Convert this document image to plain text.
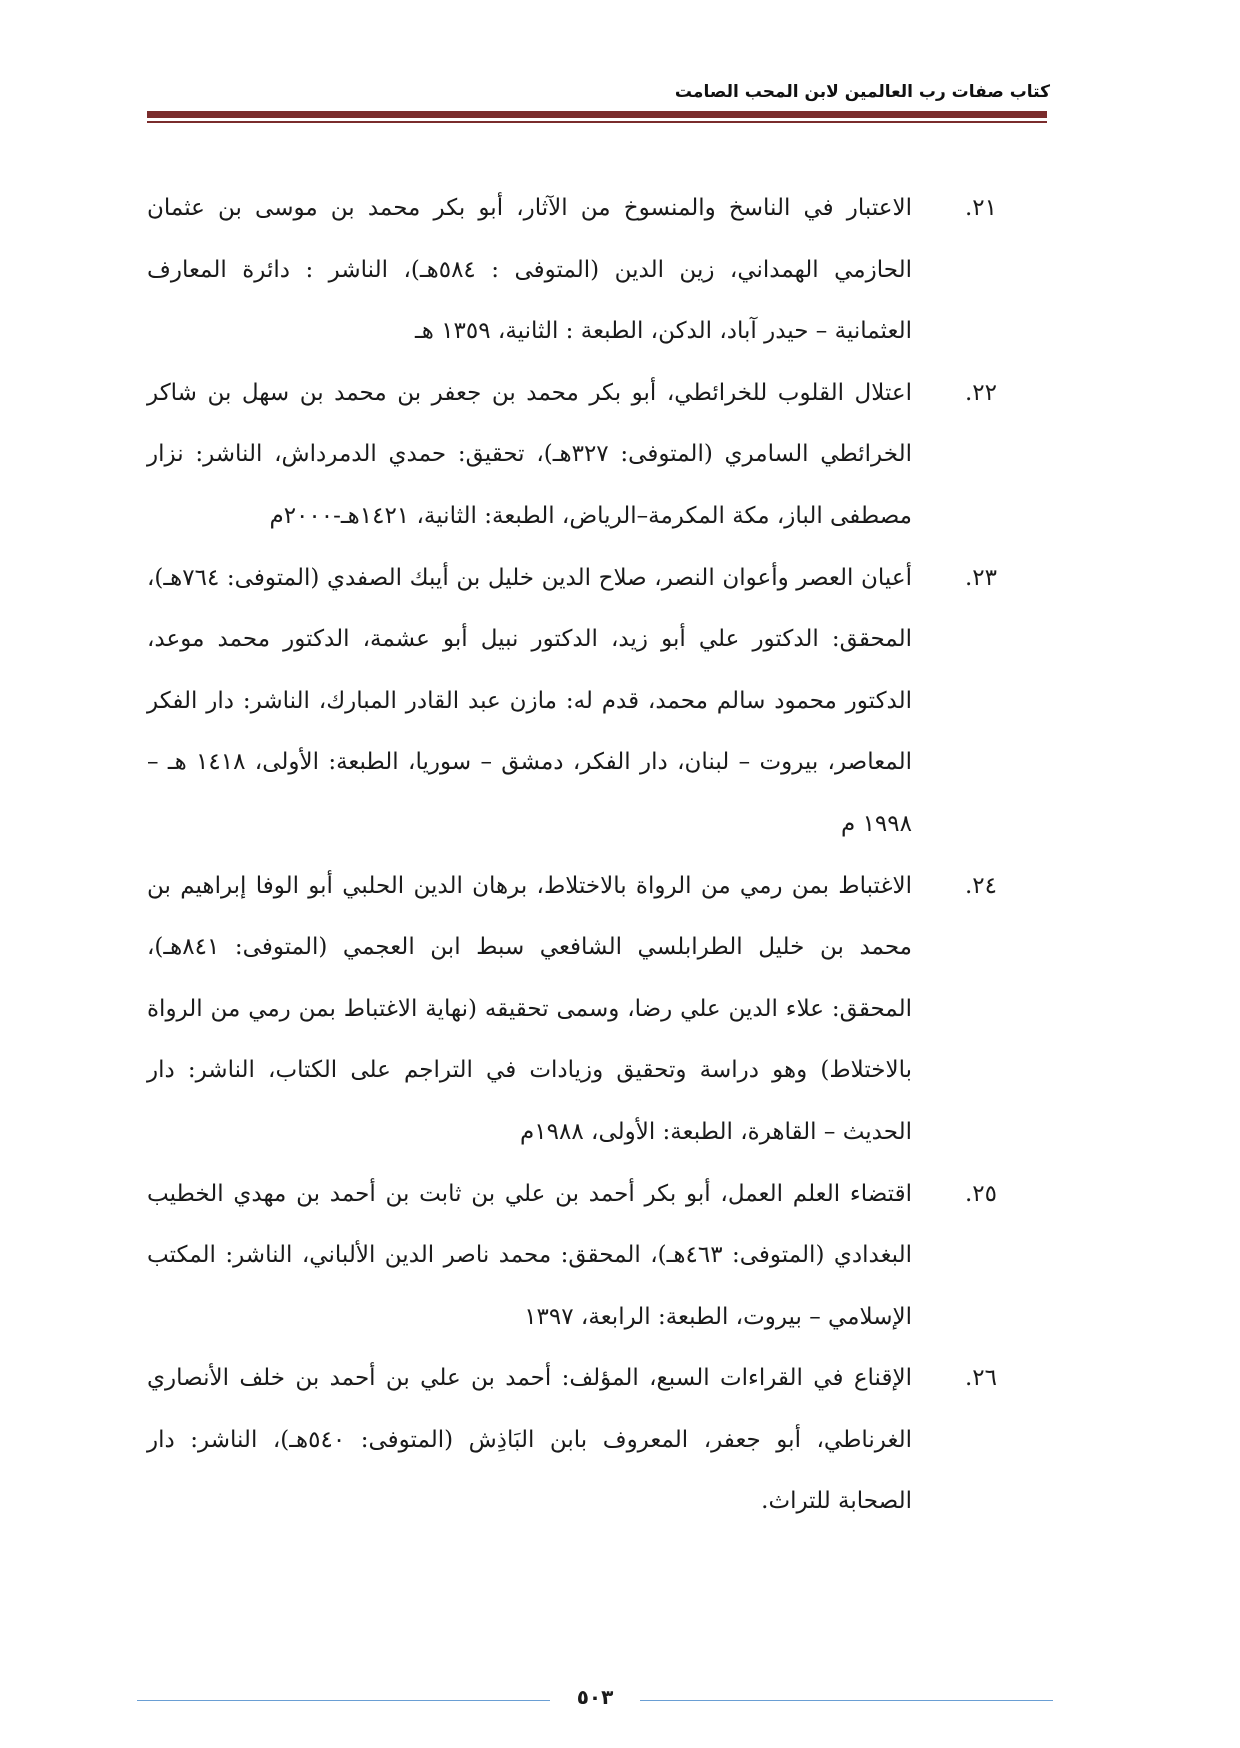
كتاب صفات رب العالمين لابن المحب الصامت
٢١.
الاعتبار في الناسخ والمنسوخ من الآثار، أبو بكر محمد بن موسى بن عثمان الحازمي الهمداني، زين الدين (المتوفى : ٥٨٤هـ)، الناشر : دائرة المعارف العثمانية – حيدر آباد، الدكن، الطبعة : الثانية، ١٣٥٩ هـ
٢٢.
اعتلال القلوب للخرائطي، أبو بكر محمد بن جعفر بن محمد بن سهل بن شاكر الخرائطي السامري (المتوفى: ٣٢٧هـ)، تحقيق: حمدي الدمرداش، الناشر: نزار مصطفى الباز، مكة المكرمة–الرياض، الطبعة: الثانية، ١٤٢١هـ-٢٠٠٠م
٢٣.
أعيان العصر وأعوان النصر، صلاح الدين خليل بن أيبك الصفدي (المتوفى: ٧٦٤هـ)، المحقق: الدكتور علي أبو زيد، الدكتور نبيل أبو عشمة، الدكتور محمد موعد، الدكتور محمود سالم محمد، قدم له: مازن عبد القادر المبارك، الناشر: دار الفكر المعاصر، بيروت – لبنان، دار الفكر، دمشق – سوريا، الطبعة: الأولى، ١٤١٨ هـ – ١٩٩٨ م
٢٤.
الاغتباط بمن رمي من الرواة بالاختلاط، برهان الدين الحلبي أبو الوفا إبراهيم بن محمد بن خليل الطرابلسي الشافعي سبط ابن العجمي (المتوفى: ٨٤١هـ)، المحقق: علاء الدين علي رضا، وسمى تحقيقه (نهاية الاغتباط بمن رمي من الرواة بالاختلاط) وهو دراسة وتحقيق وزيادات في التراجم على الكتاب، الناشر: دار الحديث – القاهرة، الطبعة: الأولى، ١٩٨٨م
٢٥.
اقتضاء العلم العمل، أبو بكر أحمد بن علي بن ثابت بن أحمد بن مهدي الخطيب البغدادي (المتوفى: ٤٦٣هـ)، المحقق: محمد ناصر الدين الألباني، الناشر: المكتب الإسلامي – بيروت، الطبعة: الرابعة، ١٣٩٧
٢٦.
الإقناع في القراءات السبع، المؤلف: أحمد بن علي بن أحمد بن خلف الأنصاري الغرناطي، أبو جعفر، المعروف بابن البَاذِش (المتوفى: ٥٤٠هـ)، الناشر: دار الصحابة للتراث.
٥٠٣
